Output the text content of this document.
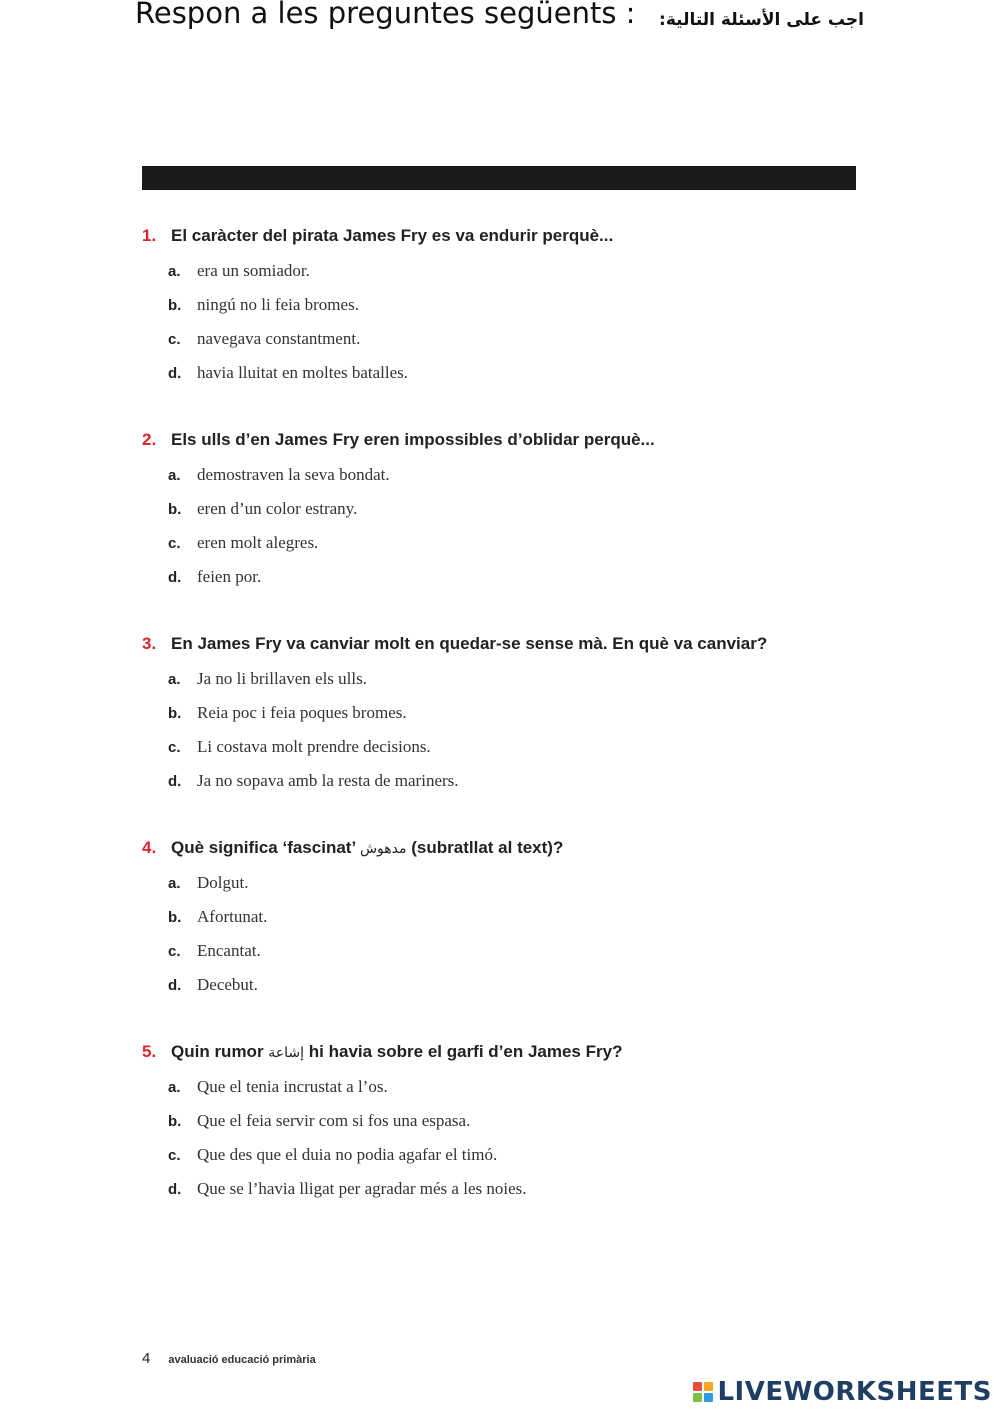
Respon a les preguntes següents : اجب على الأسئلة التالية:
1. El caràcter del pirata James Fry es va endurir perquè...
a. era un somiador.
b. ningú no li feia bromes.
c. navegava constantment.
d. havia lluitat en moltes batalles.
2. Els ulls d’en James Fry eren impossibles d’oblidar perquè...
a. demostraven la seva bondat.
b. eren d’un color estrany.
c. eren molt alegres.
d. feien por.
3. En James Fry va canviar molt en quedar-se sense mà. En què va canviar?
a. Ja no li brillaven els ulls.
b. Reia poc i feia poques bromes.
c. Li costava molt prendre decisions.
d. Ja no sopava amb la resta de mariners.
4. Què significa ‘fascinat’ مدهوش (subratllat al text)?
a. Dolgut.
b. Afortunat.
c. Encantat.
d. Decebut.
5. Quin rumor إشاعة hi havia sobre el garfi d’en James Fry?
a. Que el tenia incrustat a l’os.
b. Que el feia servir com si fos una espasa.
c. Que des que el duia no podia agafar el timó.
d. Que se l’havia lligat per agradar més a les noies.
4 avaluació educació primària
LIVEWORKSHEETS
